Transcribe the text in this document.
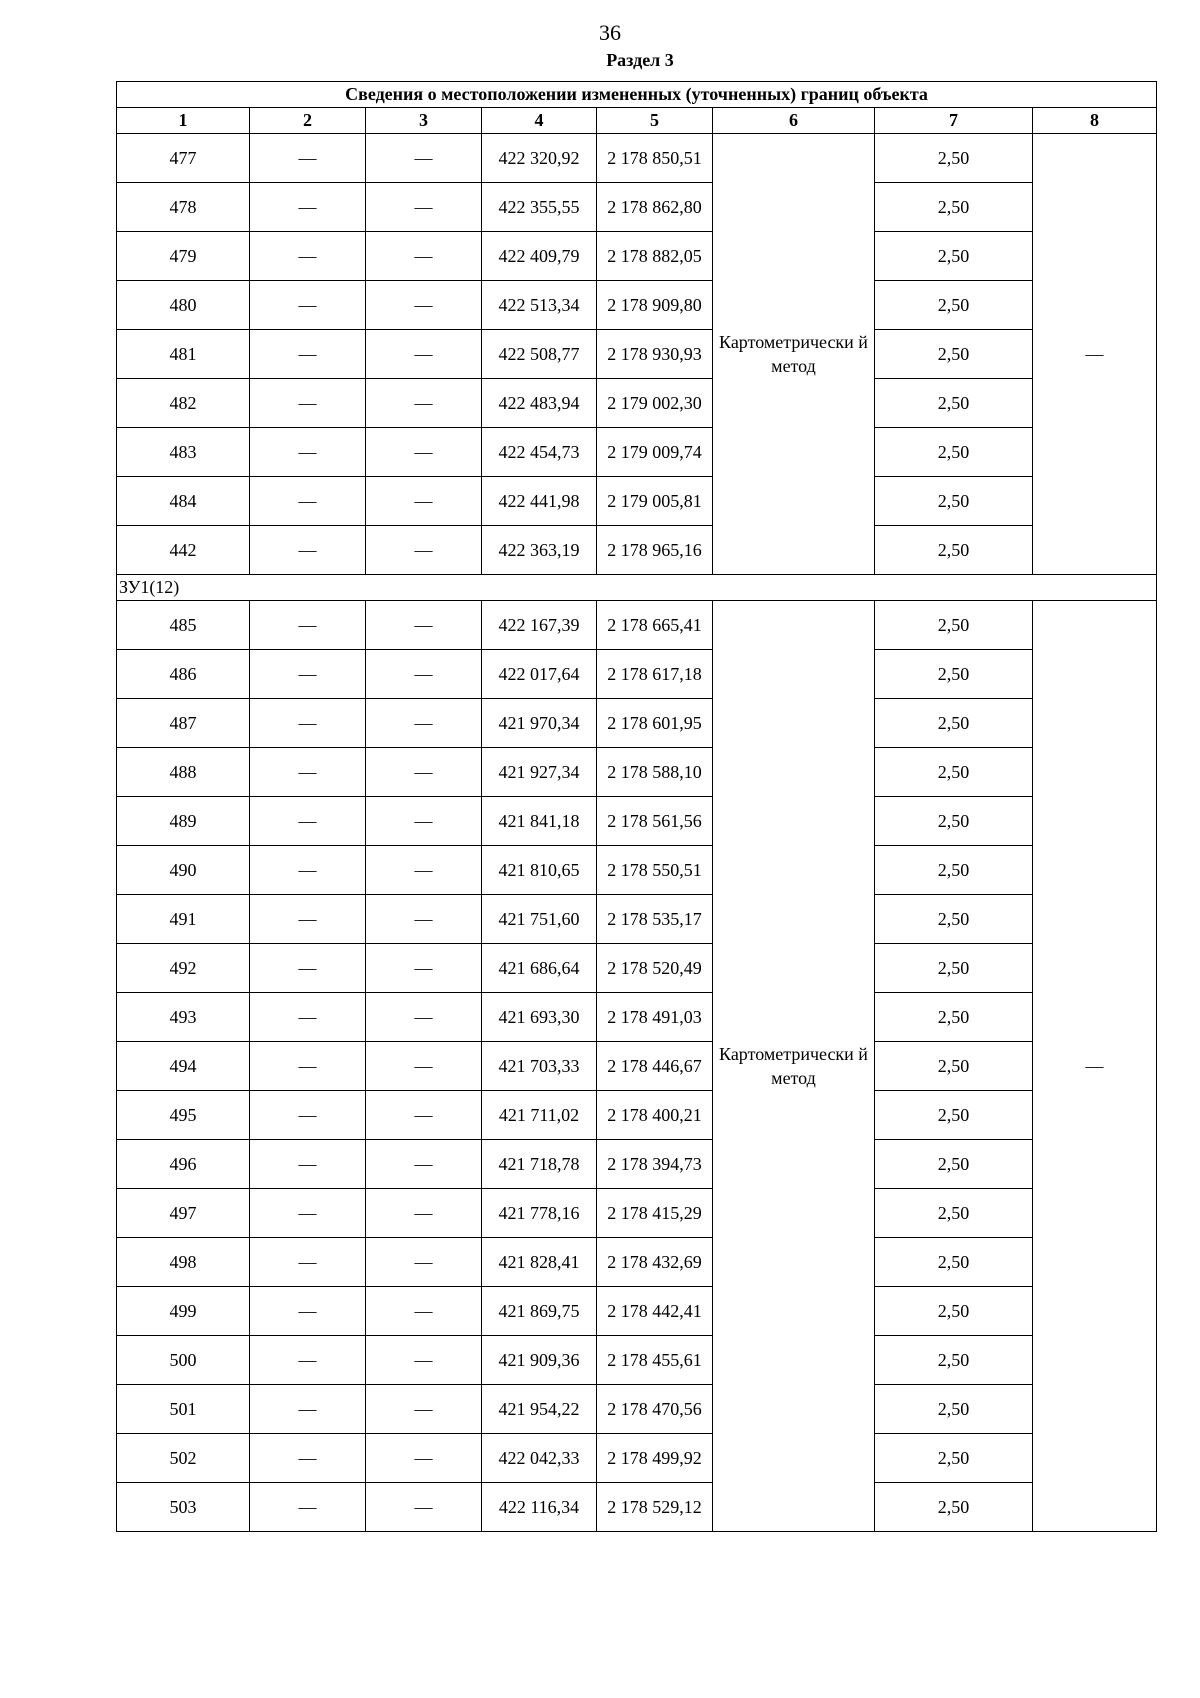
36
Раздел 3
Сведения о местоположении измененных (уточненных) границ объекта							
1	2	3	4	5	6	7	8
477	—	—	422 320,92	2 178 850,51	Картометрически й метод	2,50	—
478	—	—	422 355,55	2 178 862,80		2,50	
479	—	—	422 409,79	2 178 882,05		2,50	
480	—	—	422 513,34	2 178 909,80		2,50	
481	—	—	422 508,77	2 178 930,93		2,50	
482	—	—	422 483,94	2 179 002,30		2,50	
483	—	—	422 454,73	2 179 009,74		2,50	
484	—	—	422 441,98	2 179 005,81		2,50	
442	—	—	422 363,19	2 178 965,16		2,50	
ЗУ1(12)							
485	—	—	422 167,39	2 178 665,41	Картометрически й метод	2,50	—
486	—	—	422 017,64	2 178 617,18		2,50	
487	—	—	421 970,34	2 178 601,95		2,50	
488	—	—	421 927,34	2 178 588,10		2,50	
489	—	—	421 841,18	2 178 561,56		2,50	
490	—	—	421 810,65	2 178 550,51		2,50	
491	—	—	421 751,60	2 178 535,17		2,50	
492	—	—	421 686,64	2 178 520,49		2,50	
493	—	—	421 693,30	2 178 491,03		2,50	
494	—	—	421 703,33	2 178 446,67		2,50	
495	—	—	421 711,02	2 178 400,21		2,50	
496	—	—	421 718,78	2 178 394,73		2,50	
497	—	—	421 778,16	2 178 415,29		2,50	
498	—	—	421 828,41	2 178 432,69		2,50	
499	—	—	421 869,75	2 178 442,41		2,50	
500	—	—	421 909,36	2 178 455,61		2,50	
501	—	—	421 954,22	2 178 470,56		2,50	
502	—	—	422 042,33	2 178 499,92		2,50	
503	—	—	422 116,34	2 178 529,12		2,50	
